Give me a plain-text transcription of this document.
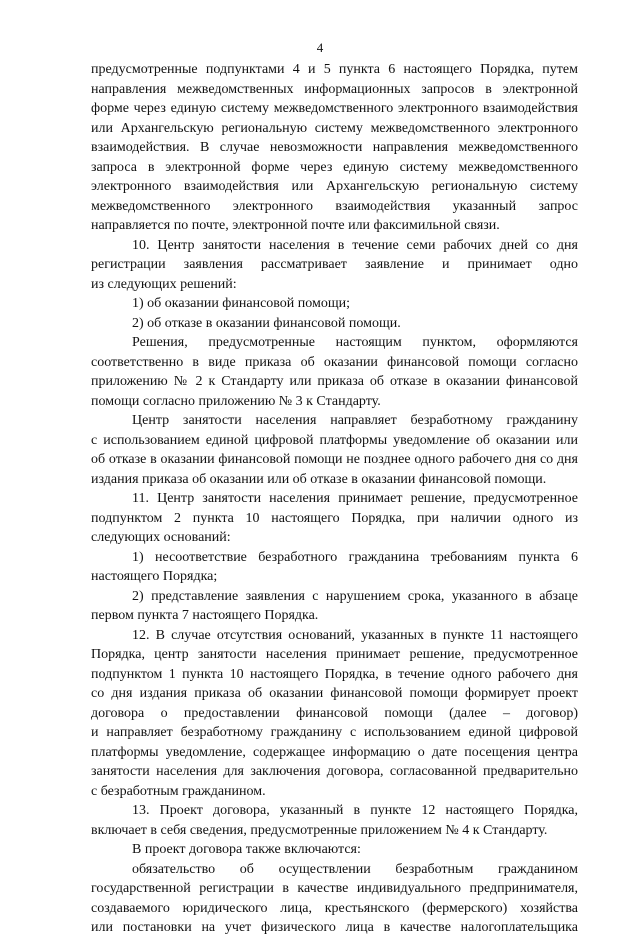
4

предусмотренные подпунктами 4 и 5 пункта 6 настоящего Порядка, путем

направления межведомственных информационных запросов в электронной

форме через единую систему межведомственного электронного взаимодействия

или Архангельскую региональную систему межведомственного электронного

взаимодействия. В случае невозможности направления межведомственного

запроса в электронной форме через единую систему межведомственного

электронного взаимодействия или Архангельскую региональную систему

межведомственного электронного взаимодействия указанный запрос

направляется по почте, электронной почте или факсимильной связи.

10. Центр занятости населения в течение семи рабочих дней со дня

регистрации заявления рассматривает заявление и принимает одно

из следующих решений:

1) об оказании финансовой помощи;

2) об отказе в оказании финансовой помощи.

Решения, предусмотренные настоящим пунктом, оформляются

соответственно в виде приказа об оказании финансовой помощи согласно

приложению № 2 к Стандарту или приказа об отказе в оказании финансовой

помощи согласно приложению № 3 к Стандарту.

Центр занятости населения направляет безработному гражданину

с использованием единой цифровой платформы уведомление об оказании или

об отказе в оказании финансовой помощи не позднее одного рабочего дня со дня

издания приказа об оказании или об отказе в оказании финансовой помощи.

11. Центр занятости населения принимает решение, предусмотренное

подпунктом 2 пункта 10 настоящего Порядка, при наличии одного из

следующих оснований:

1) несоответствие безработного гражданина требованиям пункта 6

настоящего Порядка;

2) представление заявления с нарушением срока, указанного в абзаце

первом пункта 7 настоящего Порядка.

12. В случае отсутствия оснований, указанных в пункте 11 настоящего

Порядка, центр занятости населения принимает решение, предусмотренное

подпунктом 1 пункта 10 настоящего Порядка, в течение одного рабочего дня

со дня издания приказа об оказании финансовой помощи формирует проект

договора о предоставлении финансовой помощи (далее – договор)

и направляет безработному гражданину с использованием единой цифровой

платформы уведомление, содержащее информацию о дате посещения центра

занятости населения для заключения договора, согласованной предварительно

с безработным гражданином.

13. Проект договора, указанный в пункте 12 настоящего Порядка,

включает в себя сведения, предусмотренные приложением № 4 к Стандарту.

В проект договора также включаются:

обязательство об осуществлении безработным гражданином

государственной регистрации в качестве индивидуального предпринимателя,

создаваемого юридического лица, крестьянского (фермерского) хозяйства

или постановки на учет физического лица в качестве налогоплательщика
